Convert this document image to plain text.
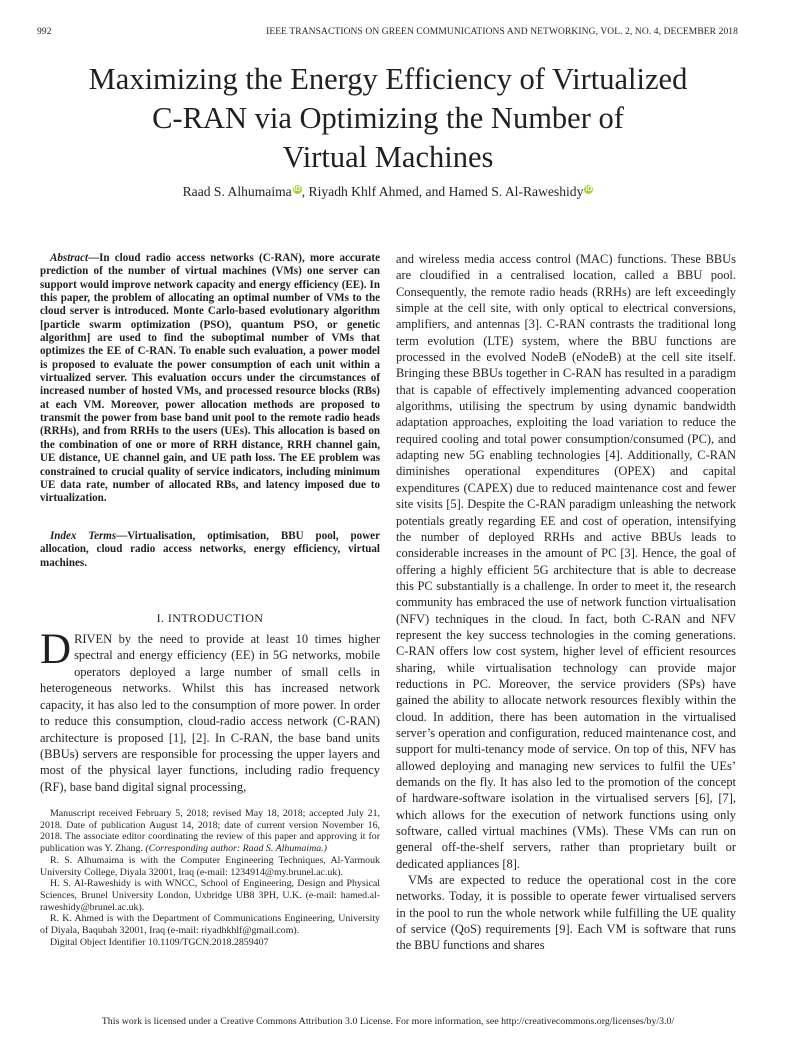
992	IEEE TRANSACTIONS ON GREEN COMMUNICATIONS AND NETWORKING, VOL. 2, NO. 4, DECEMBER 2018
Maximizing the Energy Efficiency of Virtualized
C-RAN via Optimizing the Number of
Virtual Machines
Raad S. Alhumaima iD, Riyadh Khlf Ahmed, and Hamed S. Al-Raweshidy iD

Abstract—In cloud radio access networks (C-RAN), more accurate prediction of the number of virtual machines (VMs) one server can support would improve network capacity and energy efficiency (EE). In this paper, the problem of allocating an optimal number of VMs to the cloud server is introduced. Monte Carlo-based evolutionary algorithm [particle swarm optimization (PSO), quantum PSO, or genetic algorithm] are used to find the suboptimal number of VMs that optimizes the EE of C-RAN. To enable such evaluation, a power model is proposed to evaluate the power consumption of each unit within a virtualized server. This evaluation occurs under the circumstances of increased number of hosted VMs, and processed resource blocks (RBs) at each VM. Moreover, power allocation methods are proposed to transmit the power from base band unit pool to the remote radio heads (RRHs), and from RRHs to the users (UEs). This allocation is based on the combination of one or more of RRH distance, RRH channel gain, UE distance, UE channel gain, and UE path loss. The EE problem was constrained to crucial quality of service indicators, including minimum UE data rate, number of allocated RBs, and latency imposed due to virtualization.

Index Terms—Virtualisation, optimisation, BBU pool, power allocation, cloud radio access networks, energy efficiency, virtual machines.

I. INTRODUCTION

DRIVEN by the need to provide at least 10 times higher spectral and energy efficiency (EE) in 5G networks, mobile operators deployed a large number of small cells in heterogeneous networks. Whilst this has increased network capacity, it has also led to the consumption of more power. In order to reduce this consumption, cloud-radio access network (C-RAN) architecture is proposed [1], [2]. In C-RAN, the base band units (BBUs) servers are responsible for processing the upper layers and most of the physical layer functions, including radio frequency (RF), base band digital signal processing,

Manuscript received February 5, 2018; revised May 18, 2018; accepted July 21, 2018. Date of publication August 14, 2018; date of current version November 16, 2018. The associate editor coordinating the review of this paper and approving it for publication was Y. Zhang. (Corresponding author: Raad S. Alhumaima.)

R. S. Alhumaima is with the Computer Engineering Techniques, Al-Yarmouk University College, Diyala 32001, Iraq (e-mail: 1234914@my.brunel.ac.uk).

H. S. Al-Raweshidy is with WNCC, School of Engineering, Design and Physical Sciences, Brunel University London, Uxbridge UB8 3PH, U.K. (e-mail: hamed.al-raweshidy@brunel.ac.uk).

R. K. Ahmed is with the Department of Communications Engineering, University of Diyala, Baqubah 32001, Iraq (e-mail: riyadhkhlf@gmail.com).

Digital Object Identifier 10.1109/TGCN.2018.2859407

and wireless media access control (MAC) functions. These BBUs are cloudified in a centralised location, called a BBU pool. Consequently, the remote radio heads (RRHs) are left exceedingly simple at the cell site, with only optical to electrical conversions, amplifiers, and antennas [3]. C-RAN contrasts the traditional long term evolution (LTE) system, where the BBU functions are processed in the evolved NodeB (eNodeB) at the cell site itself. Bringing these BBUs together in C-RAN has resulted in a paradigm that is capable of effectively implementing advanced cooperation algorithms, utilising the spectrum by using dynamic bandwidth adaptation approaches, exploiting the load variation to reduce the required cooling and total power consumption/consumed (PC), and adapting new 5G enabling technologies [4]. Additionally, C-RAN diminishes operational expenditures (OPEX) and capital expenditures (CAPEX) due to reduced maintenance cost and fewer site visits [5]. Despite the C-RAN paradigm unleashing the network potentials greatly regarding EE and cost of operation, intensifying the number of deployed RRHs and active BBUs leads to considerable increases in the amount of PC [3]. Hence, the goal of offering a highly efficient 5G architecture that is able to decrease this PC substantially is a challenge. In order to meet it, the research community has embraced the use of network function virtualisation (NFV) techniques in the cloud. In fact, both C-RAN and NFV represent the key success technologies in the coming generations. C-RAN offers low cost system, higher level of efficient resources sharing, while virtualisation technology can provide major reductions in PC. Moreover, the service providers (SPs) have gained the ability to allocate network resources flexibly within the cloud. In addition, there has been automation in the virtualised server’s operation and configuration, reduced maintenance cost, and support for multi-tenancy mode of service. On top of this, NFV has allowed deploying and managing new services to fulfil the UEs’ demands on the fly. It has also led to the promotion of the concept of hardware-software isolation in the virtualised servers [6], [7], which allows for the execution of network functions using only software, called virtual machines (VMs). These VMs can run on general off-the-shelf servers, rather than proprietary built or dedicated appliances [8].

VMs are expected to reduce the operational cost in the core networks. Today, it is possible to operate fewer virtualised servers in the pool to run the whole network while fulfilling the UE quality of service (QoS) requirements [9]. Each VM is software that runs the BBU functions and shares

This work is licensed under a Creative Commons Attribution 3.0 License. For more information, see http://creativecommons.org/licenses/by/3.0/
